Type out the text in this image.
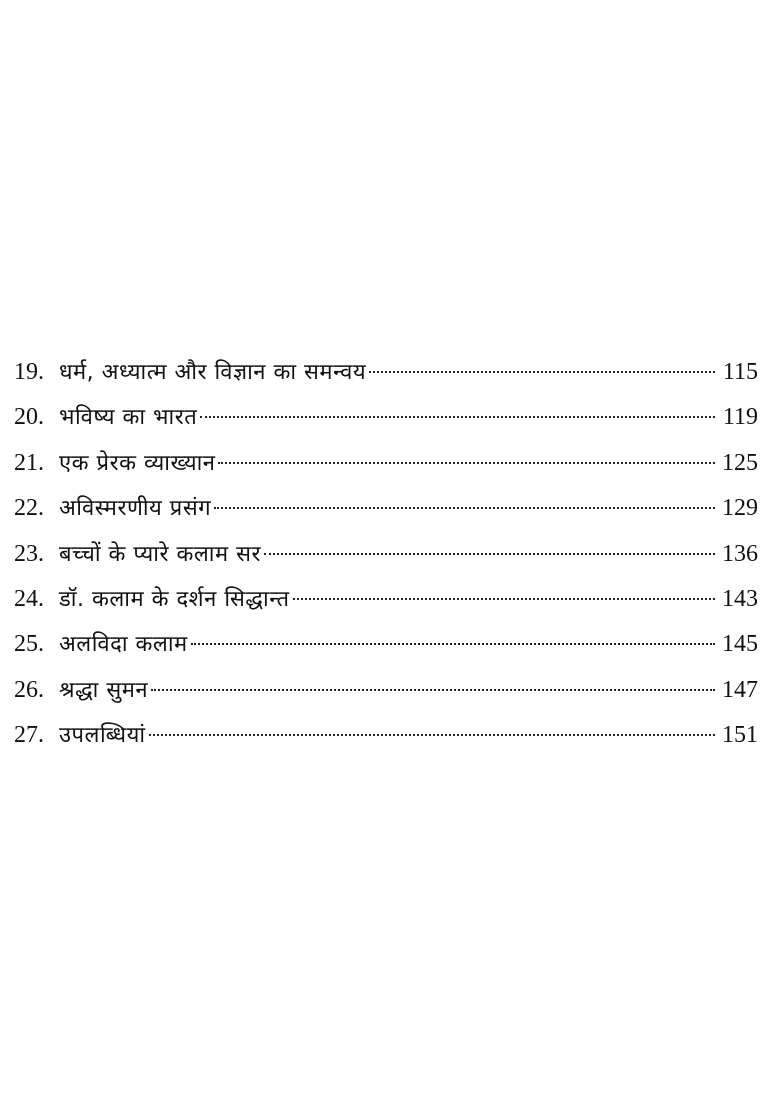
19. धर्म, अध्यात्म और विज्ञान का समन्वय	115
20. भविष्य का भारत	119
21. एक प्रेरक व्याख्यान	125
22. अविस्मरणीय प्रसंग	129
23. बच्चों के प्यारे कलाम सर	136
24. डॉ. कलाम के दर्शन सिद्धान्त	143
25. अलविदा कलाम	145
26. श्रद्धा सुमन	147
27. उपलब्धियां	151
